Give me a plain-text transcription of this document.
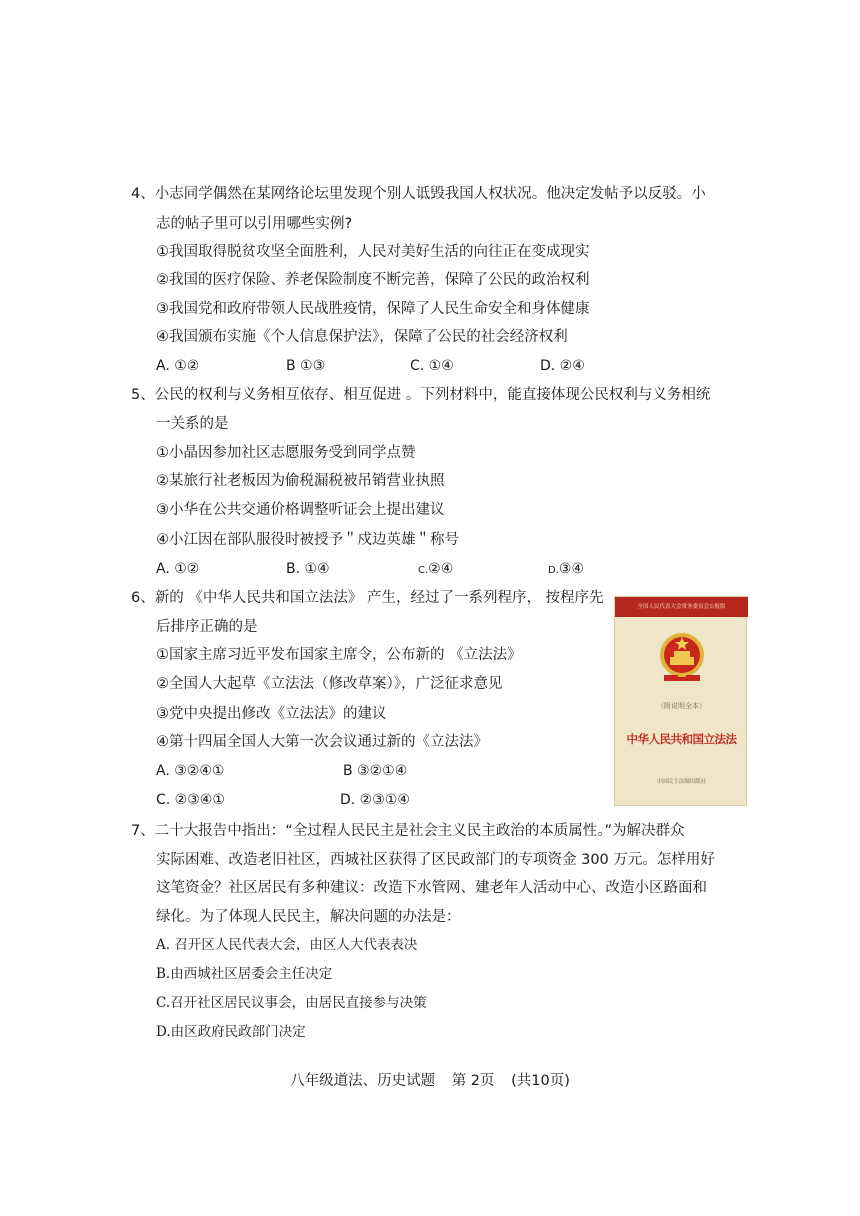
4、小志同学偶然在某网络论坛里发现个别人诋毁我国人权状况。他决定发帖予以反驳。小
志的帖子里可以引用哪些实例?
①我国取得脱贫攻坚全面胜利，人民对美好生活的向往正在变成现实
②我国的医疗保险、养老保险制度不断完善，保障了公民的政治权利
③我国党和政府带领人民战胜疫情，保障了人民生命安全和身体健康
④我国颁布实施《个人信息保护法》，保障了公民的社会经济权利
A. ①②	B ①③	C. ①④	D. ②④
5、公民的权利与义务相互依存、相互促进 。下列材料中，能直接体现公民权利与义务相统
一关系的是
①小晶因参加社区志愿服务受到同学点赞
②某旅行社老板因为偷税漏税被吊销营业执照
③小华在公共交通价格调整听证会上提出建议
④小江因在部队服役时被授予＂戍边英雄＂称号
A. ①②	B. ①④	C.②④	D.③④
6、新的 《中华人民共和国立法法》 产生，经过了一系列程序， 按程序先
后排序正确的是
①国家主席习近平发布国家主席令，公布新的 《立法法》
②全国人大起草《立法法（修改草案）》，广泛征求意见
③党中央提出修改《立法法》的建议
④第十四届全国人大第一次会议通过新的《立法法》
A. ③②④①	B ③②①④
C. ②③④①	D. ②③①④
全国人民代表大会常务委员会公报版
（附说明全本）
中华人民共和国立法法
中国民主法制出版社
7、二十大报告中指出：“全过程人民民主是社会主义民主政治的本质属性。”为解决群众
实际困难、改造老旧社区，西城社区获得了区民政部门的专项资金 300 万元。怎样用好
这笔资金？社区居民有多种建议：改造下水管网、建老年人活动中心、改造小区路面和
绿化。为了体现人民民主，解决问题的办法是：
A. 召开区人民代表大会，由区人大代表表决
B.由西城社区居委会主任决定
C.召开社区居民议事会，由居民直接参与决策
D.由区政府民政部门决定
八年级道法、历史试题 第 2页 (共10页)
